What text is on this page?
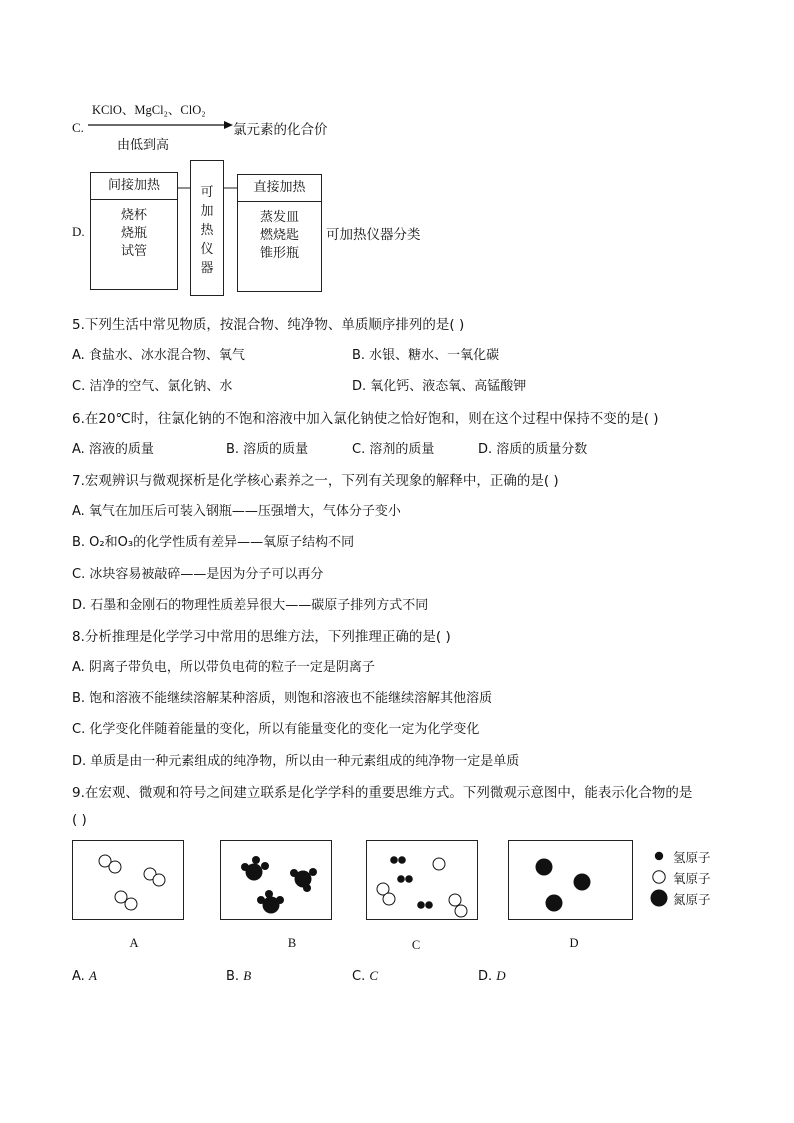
C.
KClO、MgCl₂、ClO₂
由低到高
氯元素的化合价
D.
间接加热
烧杯
烧瓶
试管
可
加
热
仪
器
直接加热
蒸发皿
燃烧匙
锥形瓶
可加热仪器分类
5.下列生活中常见物质，按混合物、纯净物、单质顺序排列的是( )
A. 食盐水、冰水混合物、氧气	B. 水银、糖水、一氧化碳
C. 洁净的空气、氯化钠、水	D. 氧化钙、液态氧、高锰酸钾
6.在20℃时，往氯化钠的不饱和溶液中加入氯化钠使之恰好饱和，则在这个过程中保持不变的是( )
A. 溶液的质量	B. 溶质的质量	C. 溶剂的质量	D. 溶质的质量分数
7.宏观辨识与微观探析是化学核心素养之一，下列有关现象的解释中，正确的是( )
A. 氧气在加压后可装入钢瓶——压强增大，气体分子变小
B. O₂和O₃的化学性质有差异——氧原子结构不同
C. 冰块容易被敲碎——是因为分子可以再分
D. 石墨和金刚石的物理性质差异很大——碳原子排列方式不同
8.分析推理是化学学习中常用的思维方法，下列推理正确的是( )
A. 阴离子带负电，所以带负电荷的粒子一定是阴离子
B. 饱和溶液不能继续溶解某种溶质，则饱和溶液也不能继续溶解其他溶质
C. 化学变化伴随着能量的变化，所以有能量变化的变化一定为化学变化
D. 单质是由一种元素组成的纯净物，所以由一种元素组成的纯净物一定是单质
9.在宏观、微观和符号之间建立联系是化学学科的重要思维方式。下列微观示意图中，能表示化合物的是
( )
氢原子
氧原子
氮原子
A	B	C	D
A. A	B. B	C. C	D. D
